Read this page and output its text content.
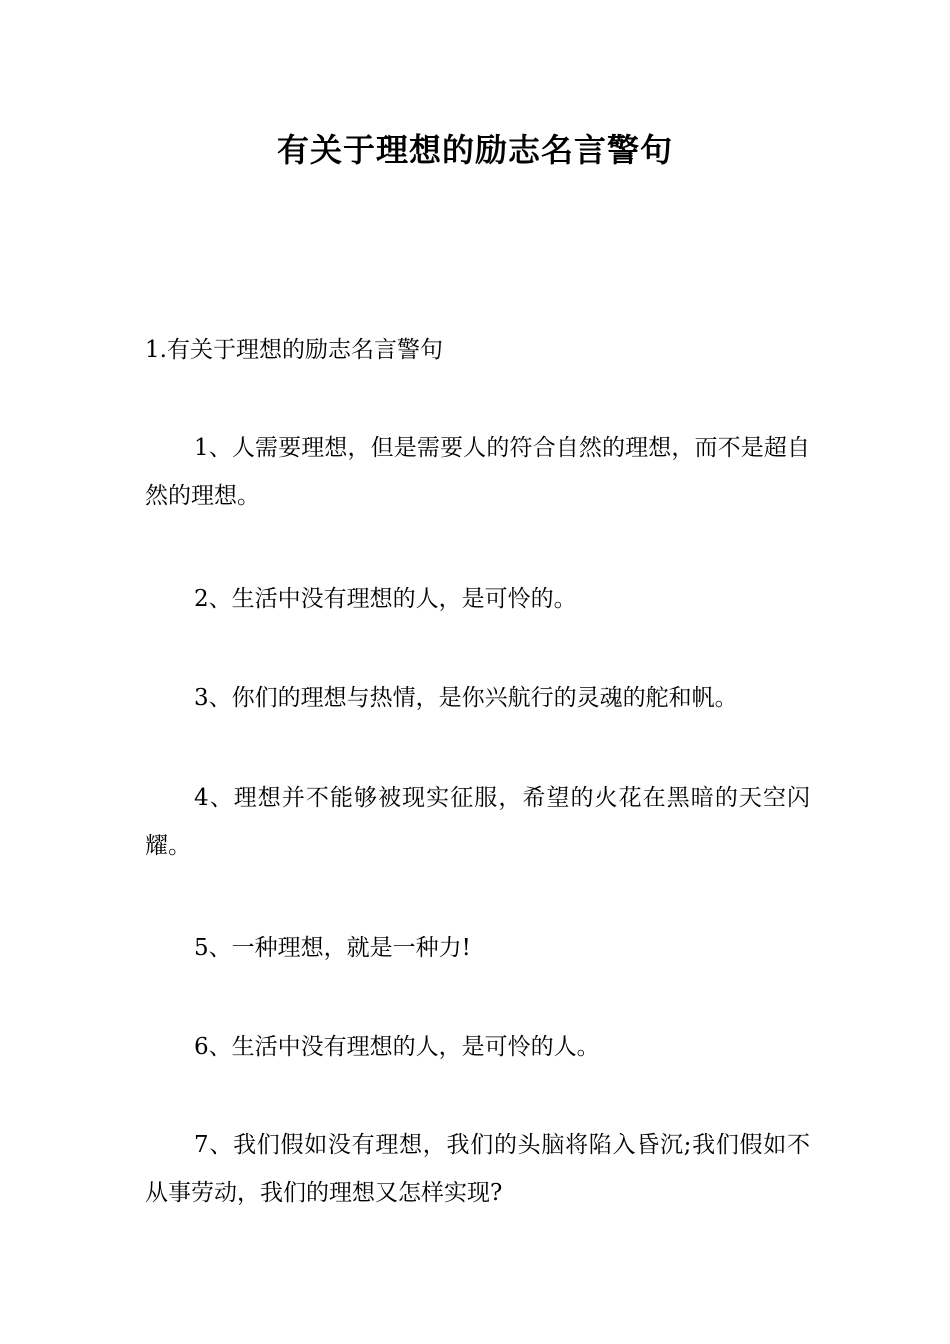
有关于理想的励志名言警句

1.有关于理想的励志名言警句

1、人需要理想，但是需要人的符合自然的理想，而不是超自然的理想。

2、生活中没有理想的人，是可怜的。

3、你们的理想与热情，是你兴航行的灵魂的舵和帆。

4、理想并不能够被现实征服，希望的火花在黑暗的天空闪耀。

5、一种理想，就是一种力!

6、生活中没有理想的人，是可怜的人。

7、我们假如没有理想，我们的头脑将陷入昏沉;我们假如不从事劳动，我们的理想又怎样实现?
